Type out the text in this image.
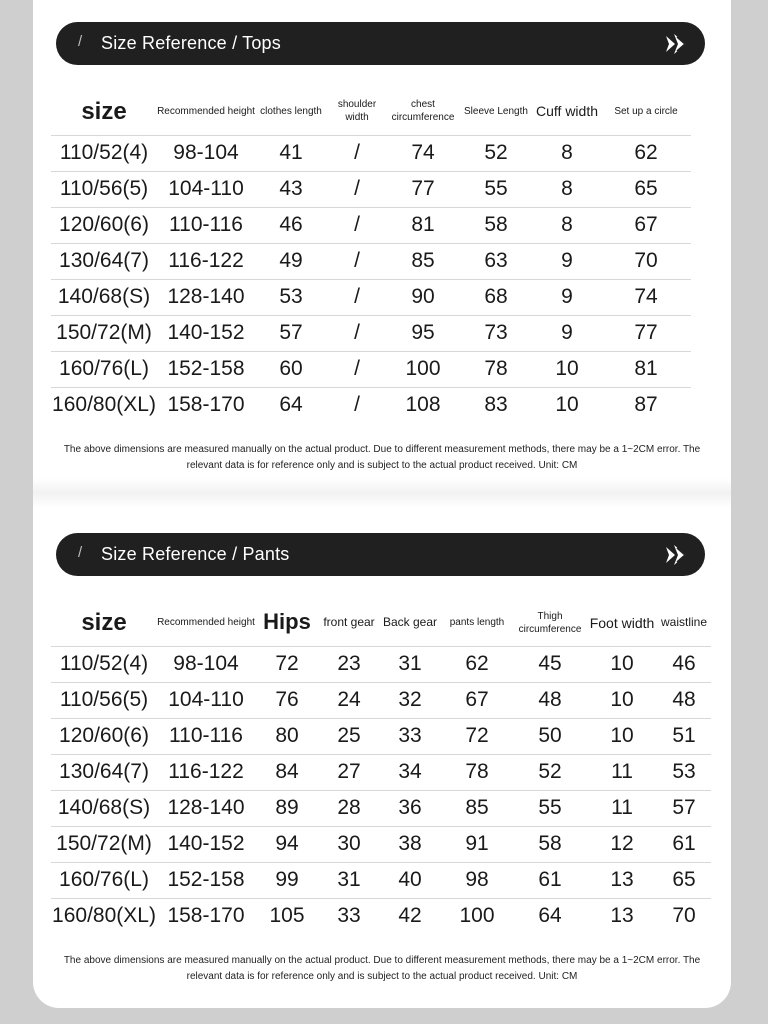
/ Size Reference / Tops
size	Recommended height	clothes length	shoulder width	chest circumference	Sleeve Length	Cuff width	Set up a circle
110/52(4)	98-104	41	/	74	52	8	62
110/56(5)	104-110	43	/	77	55	8	65
120/60(6)	110-116	46	/	81	58	8	67
130/64(7)	116-122	49	/	85	63	9	70
140/68(S)	128-140	53	/	90	68	9	74
150/72(M)	140-152	57	/	95	73	9	77
160/76(L)	152-158	60	/	100	78	10	81
160/80(XL)	158-170	64	/	108	83	10	87
The above dimensions are measured manually on the actual product. Due to different measurement methods, there may be a 1~2CM error. The relevant data is for reference only and is subject to the actual product received. Unit: CM
/ Size Reference / Pants
size	Recommended height	Hips	front gear	Back gear	pants length	Thigh circumference	Foot width	waistline
110/52(4)	98-104	72	23	31	62	45	10	46
110/56(5)	104-110	76	24	32	67	48	10	48
120/60(6)	110-116	80	25	33	72	50	10	51
130/64(7)	116-122	84	27	34	78	52	11	53
140/68(S)	128-140	89	28	36	85	55	11	57
150/72(M)	140-152	94	30	38	91	58	12	61
160/76(L)	152-158	99	31	40	98	61	13	65
160/80(XL)	158-170	105	33	42	100	64	13	70
The above dimensions are measured manually on the actual product. Due to different measurement methods, there may be a 1~2CM error. The relevant data is for reference only and is subject to the actual product received. Unit: CM
